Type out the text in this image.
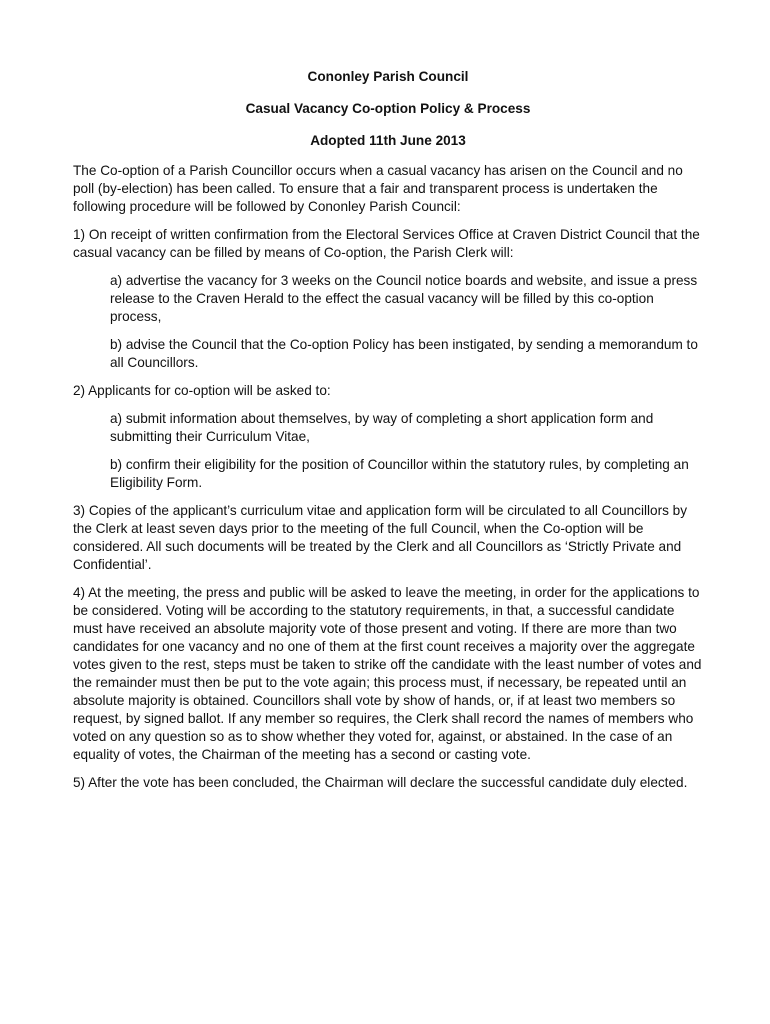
Cononley Parish Council
Casual Vacancy Co-option Policy & Process
Adopted 11th June 2013

The Co-option of a Parish Councillor occurs when a casual vacancy has arisen on the Council and no poll (by-election) has been called. To ensure that a fair and transparent process is undertaken the following procedure will be followed by Cononley Parish Council:

1) On receipt of written confirmation from the Electoral Services Office at Craven District Council that the casual vacancy can be filled by means of Co-option, the Parish Clerk will:

a) advertise the vacancy for 3 weeks on the Council notice boards and website, and issue a press release to the Craven Herald to the effect the casual vacancy will be filled by this co-option process,

b) advise the Council that the Co-option Policy has been instigated, by sending a memorandum to all Councillors.

2) Applicants for co-option will be asked to:

a) submit information about themselves, by way of completing a short application form and submitting their Curriculum Vitae,

b) confirm their eligibility for the position of Councillor within the statutory rules, by completing an Eligibility Form.

3) Copies of the applicant’s curriculum vitae and application form will be circulated to all Councillors by the Clerk at least seven days prior to the meeting of the full Council, when the Co-option will be considered. All such documents will be treated by the Clerk and all Councillors as ‘Strictly Private and Confidential’.

4) At the meeting, the press and public will be asked to leave the meeting, in order for the applications to be considered. Voting will be according to the statutory requirements, in that, a successful candidate must have received an absolute majority vote of those present and voting. If there are more than two candidates for one vacancy and no one of them at the first count receives a majority over the aggregate votes given to the rest, steps must be taken to strike off the candidate with the least number of votes and the remainder must then be put to the vote again; this process must, if necessary, be repeated until an absolute majority is obtained. Councillors shall vote by show of hands, or, if at least two members so request, by signed ballot. If any member so requires, the Clerk shall record the names of members who voted on any question so as to show whether they voted for, against, or abstained. In the case of an equality of votes, the Chairman of the meeting has a second or casting vote.

5) After the vote has been concluded, the Chairman will declare the successful candidate duly elected.
